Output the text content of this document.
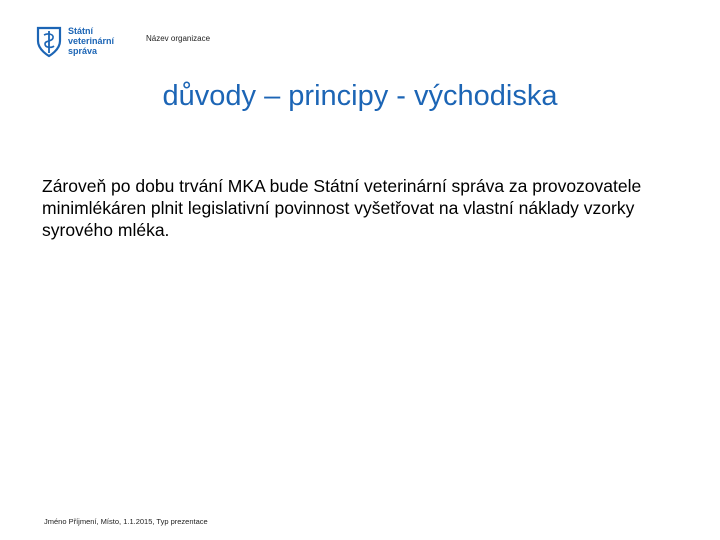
Státní
veterinární
správa
Název organizace
důvody – principy - východiska
Zároveň po dobu trvání MKA bude Státní veterinární správa za provozovatele minimlékáren plnit legislativní povinnost vyšetřovat na vlastní náklady vzorky syrového mléka.
Jméno Příjmení, Místo, 1.1.2015, Typ prezentace
